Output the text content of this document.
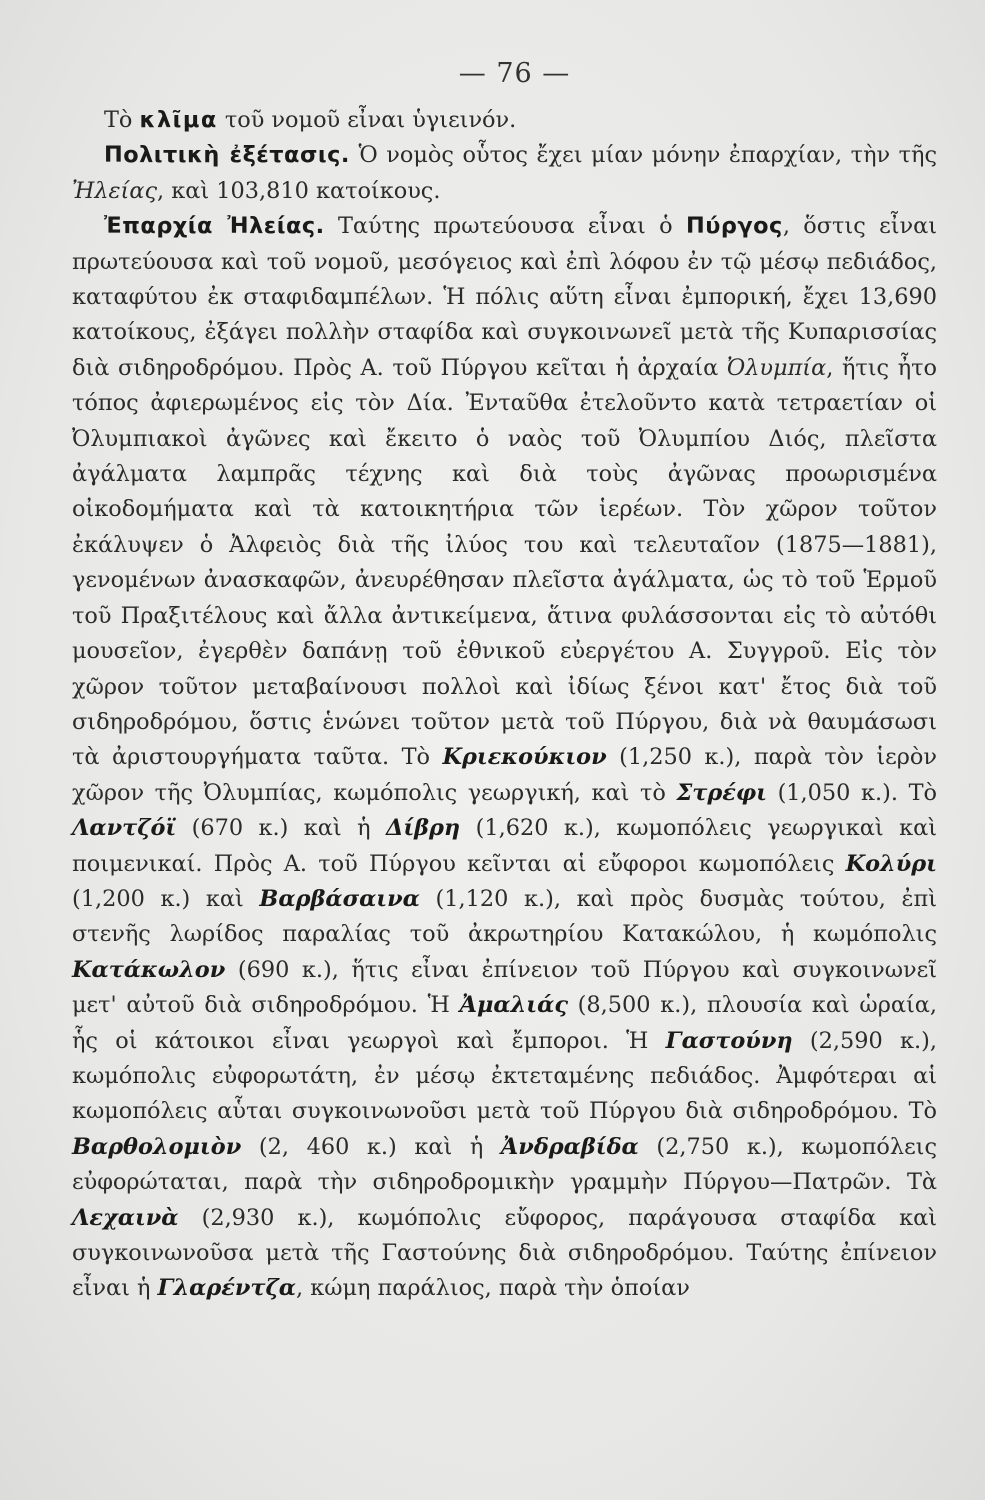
— 76 —

Τὸ κλῖμα τοῦ νομοῦ εἶναι ὑγιεινόν.

Πολιτικὴ ἐξέτασις. Ὁ νομὸς οὗτος ἔχει μίαν μόνην ἐπαρχίαν, τὴν τῆς Ἠλείας, καὶ 103,810 κατοίκους.

Ἐπαρχία Ἠλείας. Ταύτης πρωτεύουσα εἶναι ὁ Πύργος, ὅστις εἶναι πρωτεύουσα καὶ τοῦ νομοῦ, μεσόγειος καὶ ἐπὶ λόφου ἐν τῷ μέσῳ πεδιάδος, καταφύτου ἐκ σταφιδαμπέλων. Ἡ πόλις αὕτη εἶναι ἐμπορική, ἔχει 13,690 κατοίκους, ἐξάγει πολλὴν σταφίδα καὶ συγκοινωνεῖ μετὰ τῆς Κυπαρισσίας διὰ σιδηροδρόμου. Πρὸς Α. τοῦ Πύργου κεῖται ἡ ἀρχαία Ὀλυμπία, ἥτις ἦτο τόπος ἀφιερωμένος εἰς τὸν Δία. Ἐνταῦθα ἐτελοῦντο κατὰ τετραετίαν οἱ Ὀλυμπιακοὶ ἀγῶνες καὶ ἔκειτο ὁ ναὸς τοῦ Ὀλυμπίου Διός, πλεῖστα ἀγάλματα λαμπρᾶς τέχνης καὶ διὰ τοὺς ἀγῶνας προωρισμένα οἰκοδομήματα καὶ τὰ κατοικητήρια τῶν ἱερέων. Τὸν χῶρον τοῦτον ἐκάλυψεν ὁ Ἀλφειὸς διὰ τῆς ἰλύος του καὶ τελευταῖον (1875—1881), γενομένων ἀνασκαφῶν, ἀνευρέθησαν πλεῖστα ἀγάλματα, ὡς τὸ τοῦ Ἑρμοῦ τοῦ Πραξιτέλους καὶ ἄλλα ἀντικείμενα, ἅτινα φυλάσσονται εἰς τὸ αὐτόθι μουσεῖον, ἐγερθὲν δαπάνῃ τοῦ ἐθνικοῦ εὐεργέτου Α. Συγγροῦ. Εἰς τὸν χῶρον τοῦτον μεταβαίνουσι πολλοὶ καὶ ἰδίως ξένοι κατ' ἔτος διὰ τοῦ σιδηροδρόμου, ὅστις ἑνώνει τοῦτον μετὰ τοῦ Πύργου, διὰ νὰ θαυμάσωσι τὰ ἀριστουργήματα ταῦτα. Τὸ Κριεκούκιον (1,250 κ.), παρὰ τὸν ἱερὸν χῶρον τῆς Ὀλυμπίας, κωμόπολις γεωργική, καὶ τὸ Στρέφι (1,050 κ.). Τὸ Λαντζόϊ (670 κ.) καὶ ἡ Δίβρη (1,620 κ.), κωμοπόλεις γεωργικαὶ καὶ ποιμενικαί. Πρὸς Α. τοῦ Πύργου κεῖνται αἱ εὔφοροι κωμοπόλεις Κολύρι (1,200 κ.) καὶ Βαρβάσαινα (1,120 κ.), καὶ πρὸς δυσμὰς τούτου, ἐπὶ στενῆς λωρίδος παραλίας τοῦ ἀκρωτηρίου Κατακώλου, ἡ κωμόπολις Κατάκωλον (690 κ.), ἥτις εἶναι ἐπίνειον τοῦ Πύργου καὶ συγκοινωνεῖ μετ' αὐτοῦ διὰ σιδηροδρόμου. Ἡ Ἀμαλιάς (8,500 κ.), πλουσία καὶ ὡραία, ἧς οἱ κάτοικοι εἶναι γεωργοὶ καὶ ἔμποροι. Ἡ Γαστούνη (2,590 κ.), κωμόπολις εὐφορωτάτη, ἐν μέσῳ ἐκτεταμένης πεδιάδος. Ἀμφότεραι αἱ κωμοπόλεις αὗται συγκοινωνοῦσι μετὰ τοῦ Πύργου διὰ σιδηροδρόμου. Τὸ Βαρθολομιὸν (2, 460 κ.) καὶ ἡ Ἀνδραβίδα (2,750 κ.), κωμοπόλεις εὐφορώταται, παρὰ τὴν σιδηροδρομικὴν γραμμὴν Πύργου—Πατρῶν. Τὰ Λεχαινὰ (2,930 κ.), κωμόπολις εὔφορος, παράγουσα σταφίδα καὶ συγκοινωνοῦσα μετὰ τῆς Γαστούνης διὰ σιδηροδρόμου. Ταύτης ἐπίνειον εἶναι ἡ Γλαρέντζα, κώμη παράλιος, παρὰ τὴν ὁποίαν
